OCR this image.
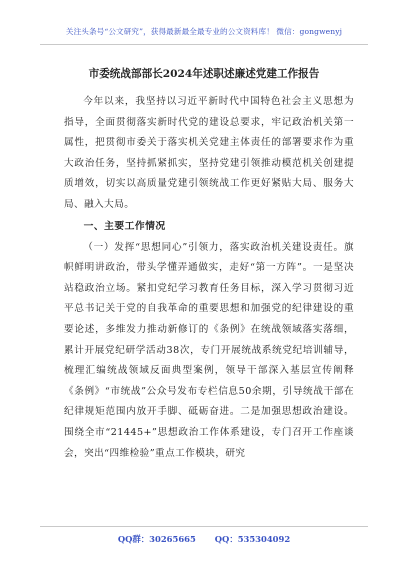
关注头条号“公文研究”，获得最新最全最专业的公文资料库！ 微信：gongwenyj
市委统战部部长2024年述职述廉述党建工作报告

今年以来，我坚持以习近平新时代中国特色社会主义思想为指导，全面贯彻落实新时代党的建设总要求，牢记政治机关第一属性，把贯彻市委关于落实机关党建主体责任的部署要求作为重大政治任务，坚持抓紧抓实，坚持党建引领推动模范机关创建提质增效，切实以高质量党建引领统战工作更好紧贴大局、服务大局、融入大局。

一、主要工作情况

（一）发挥“思想同心”引领力，落实政治机关建设责任。旗帜鲜明讲政治，带头学懂弄通做实，走好“第一方阵”。一是坚决站稳政治立场。紧扣党纪学习教育任务目标，深入学习贯彻习近平总书记关于党的自我革命的重要思想和加强党的纪律建设的重要论述，多维发力推动新修订的《条例》在统战领域落实落细，累计开展党纪研学活动38次，专门开展统战系统党纪培训辅导，梳理汇编统战领域反面典型案例，领导干部深入基层宣传阐释《条例》“市统战”公众号发布专栏信息50余期，引导统战干部在纪律规矩范围内放开手脚、砥砺奋进。二是加强思想政治建设。围绕全市“21445+”思想政治工作体系建设，专门召开工作座谈会，突出“四维检验”重点工作模块，研究

QQ群：30265665 QQ：535304092
